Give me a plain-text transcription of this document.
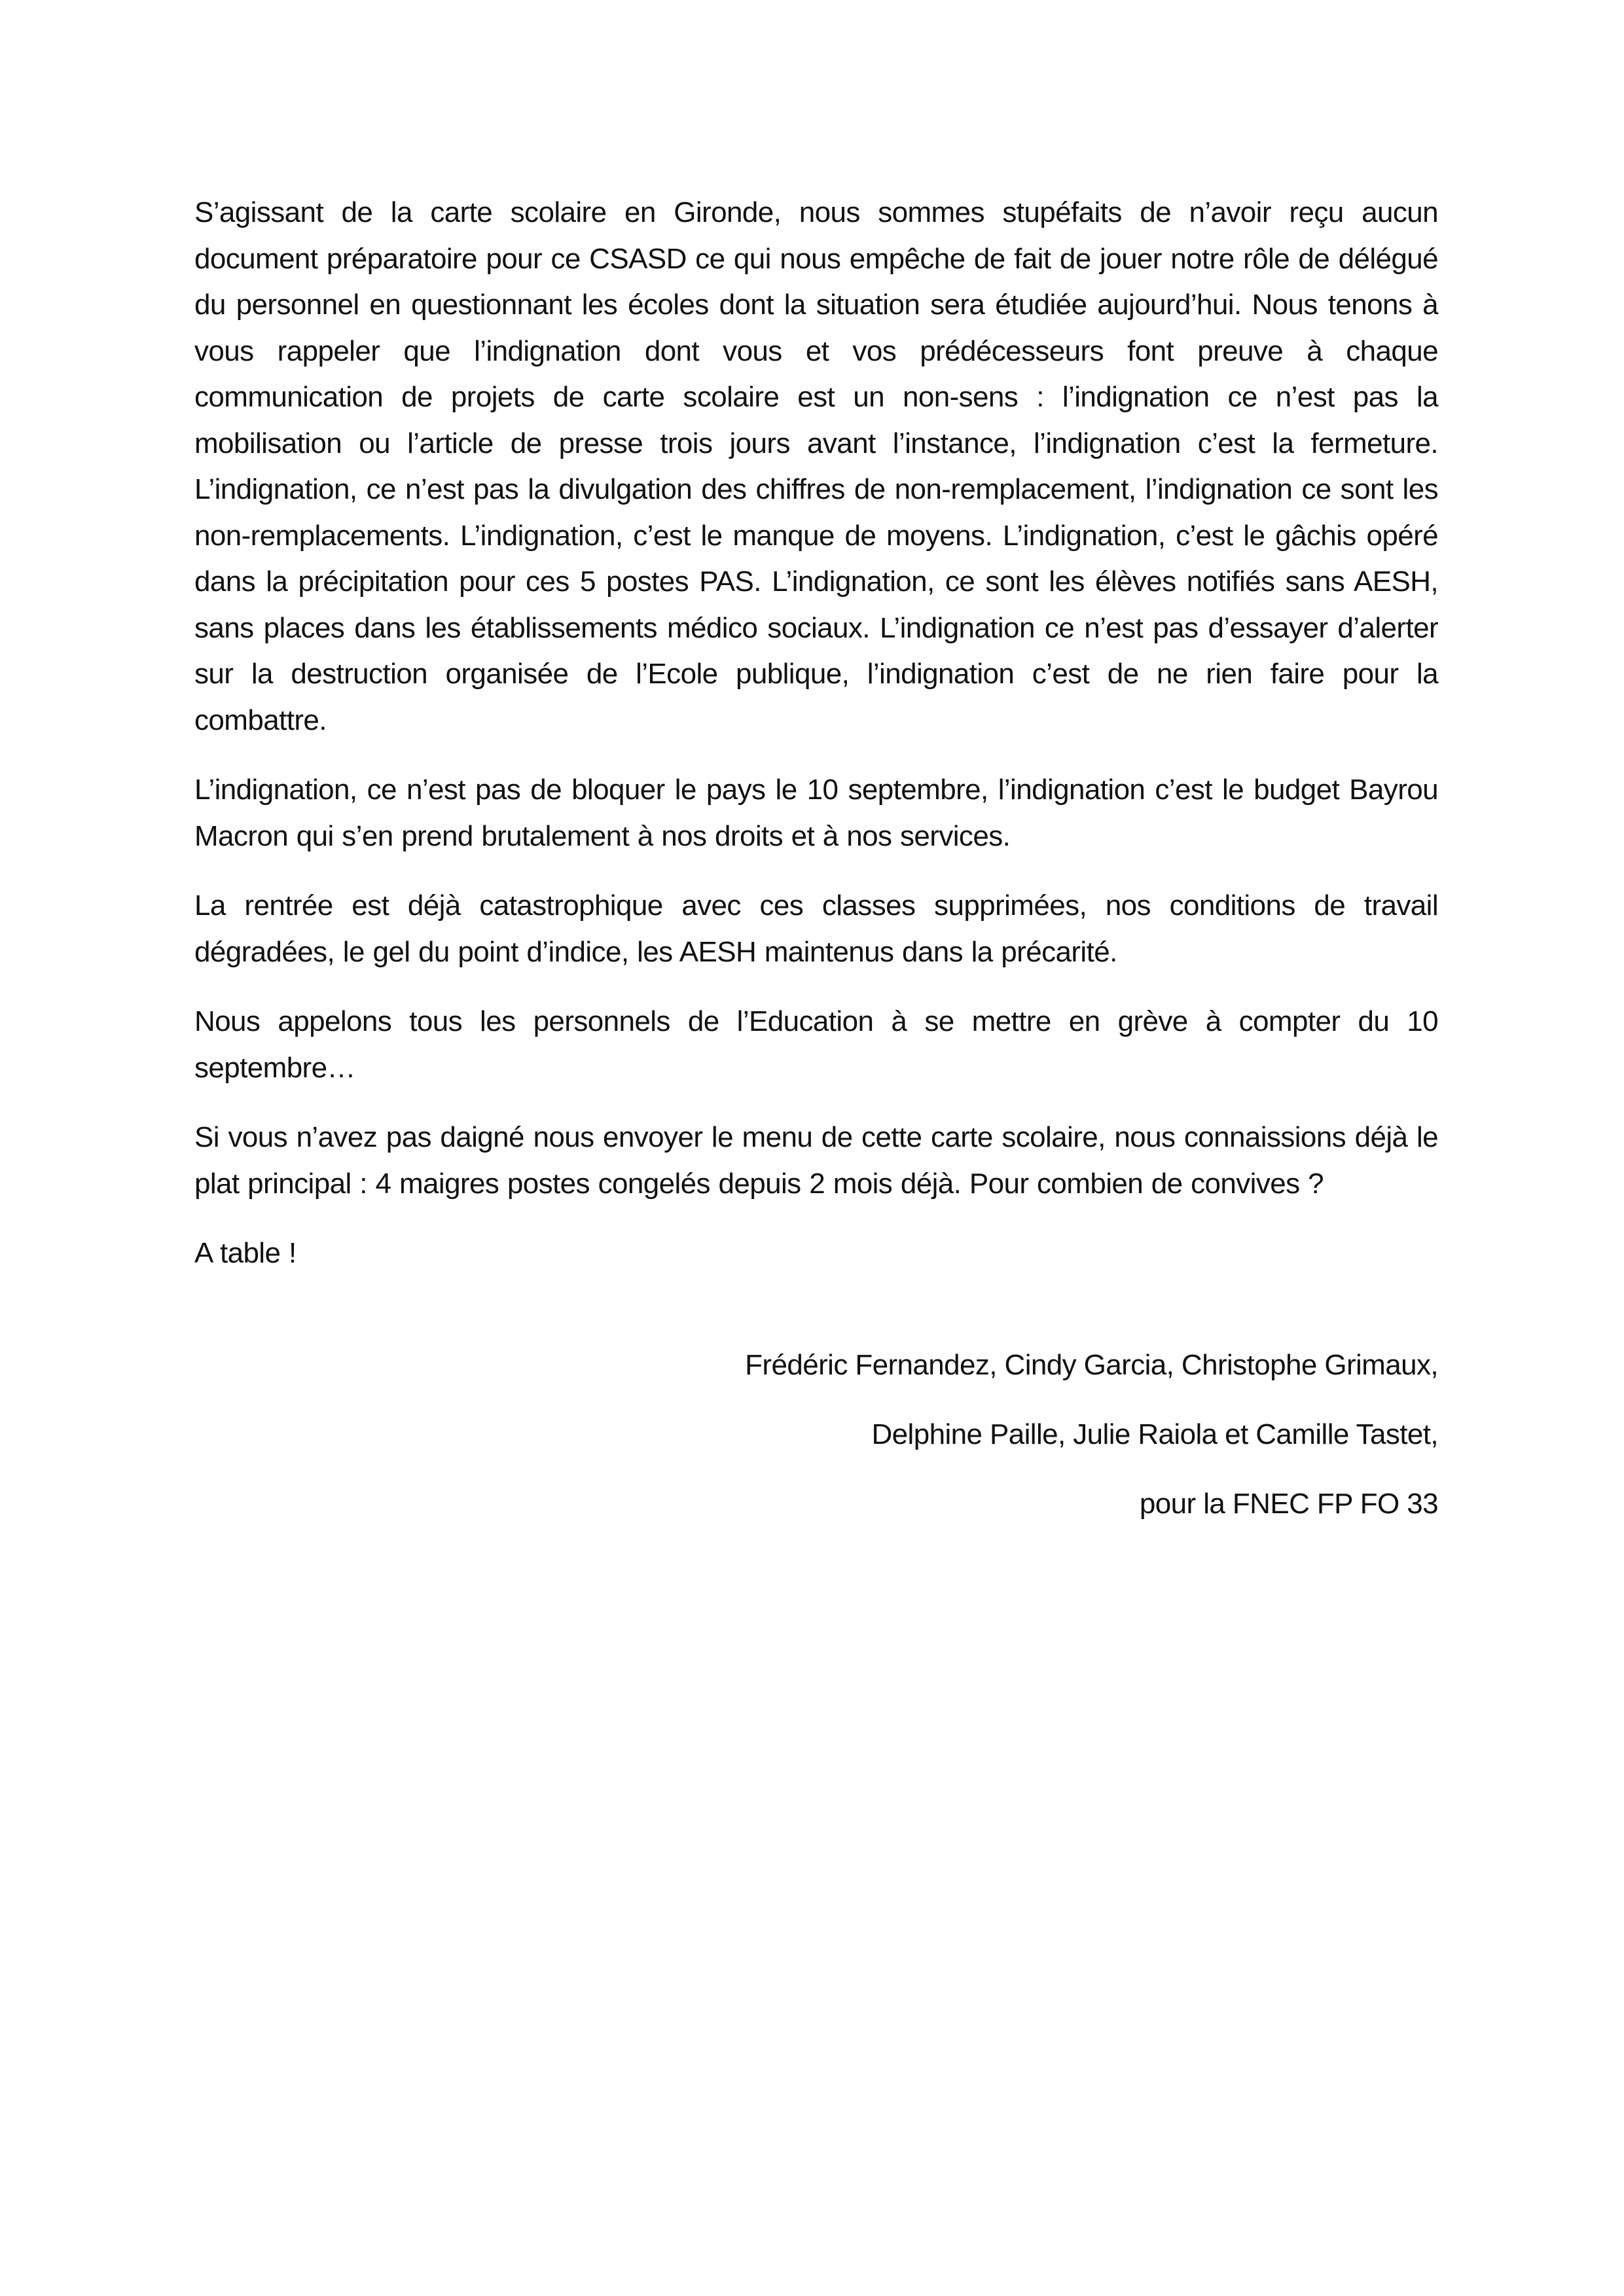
S’agissant de la carte scolaire en Gironde, nous sommes stupéfaits de n’avoir reçu aucun document préparatoire pour ce CSASD ce qui nous empêche de fait de jouer notre rôle de délégué du personnel en questionnant les écoles dont la situation sera étudiée aujourd’hui. Nous tenons à vous rappeler que l’indignation dont vous et vos prédécesseurs font preuve à chaque communication de projets de carte scolaire est un non-sens : l’indignation ce n’est pas la mobilisation ou l’article de presse trois jours avant l’instance, l’indignation c’est la fermeture. L’indignation, ce n’est pas la divulgation des chiffres de non-remplacement, l’indignation ce sont les non-remplacements. L’indignation, c’est le manque de moyens. L’indignation, c’est le gâchis opéré dans la précipitation pour ces 5 postes PAS. L’indignation, ce sont les élèves notifiés sans AESH, sans places dans les établissements médico sociaux. L’indignation ce n’est pas d’essayer d’alerter sur la destruction organisée de l’Ecole publique, l’indignation c’est de ne rien faire pour la combattre.

L’indignation, ce n’est pas de bloquer le pays le 10 septembre, l’indignation c’est le budget Bayrou Macron qui s’en prend brutalement à nos droits et à nos services.

La rentrée est déjà catastrophique avec ces classes supprimées, nos conditions de travail dégradées, le gel du point d’indice, les AESH maintenus dans la précarité.

Nous appelons tous les personnels de l’Education à se mettre en grève à compter du 10 septembre…

Si vous n’avez pas daigné nous envoyer le menu de cette carte scolaire, nous connaissions déjà le plat principal : 4 maigres postes congelés depuis 2 mois déjà. Pour combien de convives ?

A table !

Frédéric Fernandez, Cindy Garcia, Christophe Grimaux,
Delphine Paille, Julie Raiola et Camille Tastet,
pour la FNEC FP FO 33
